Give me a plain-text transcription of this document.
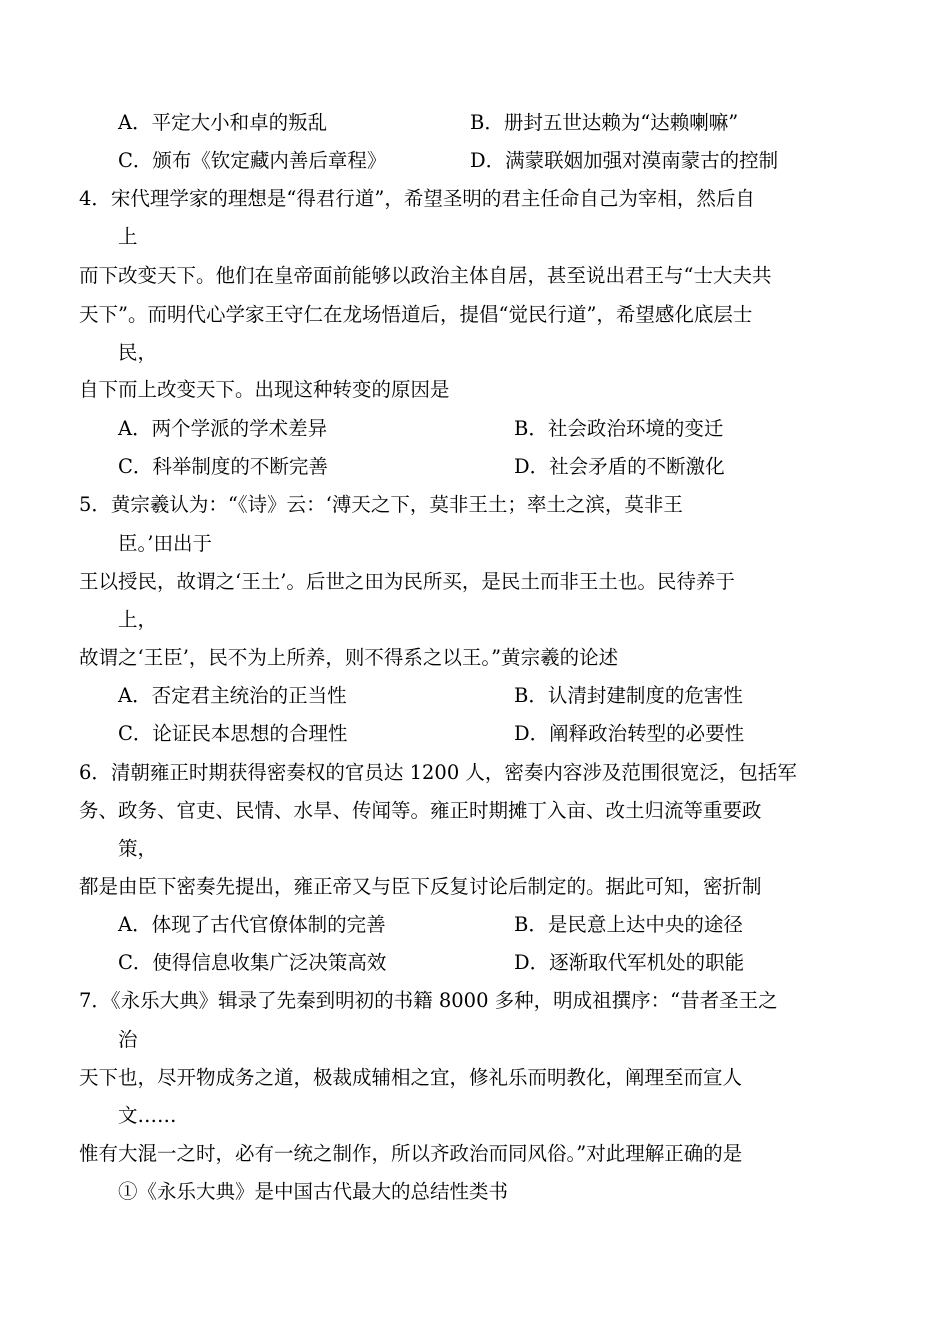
A．平定大小和卓的叛乱	B．册封五世达赖为“达赖喇嘛”
C．颁布《钦定藏内善后章程》	D．满蒙联姻加强对漠南蒙古的控制
4．宋代理学家的理想是“得君行道”，希望圣明的君主任命自己为宰相，然后自
上
而下改变天下。他们在皇帝面前能够以政治主体自居，甚至说出君王与“士大夫共
天下”。而明代心学家王守仁在龙场悟道后，提倡“觉民行道”，希望感化底层士
民，
自下而上改变天下。出现这种转变的原因是
A．两个学派的学术差异	B．社会政治环境的变迁
C．科举制度的不断完善	D．社会矛盾的不断激化
5．黄宗羲认为：“《诗》云：‘溥天之下，莫非王土；率土之滨，莫非王
臣。’田出于
王以授民，故谓之‘王土’。后世之田为民所买，是民土而非王土也。民待养于
上，
故谓之‘王臣’，民不为上所养，则不得系之以王。”黄宗羲的论述
A．否定君主统治的正当性	B．认清封建制度的危害性
C．论证民本思想的合理性	D．阐释政治转型的必要性
6．清朝雍正时期获得密奏权的官员达 1200 人，密奏内容涉及范围很宽泛，包括军
务、政务、官吏、民情、水旱、传闻等。雍正时期摊丁入亩、改土归流等重要政
策，
都是由臣下密奏先提出，雍正帝又与臣下反复讨论后制定的。据此可知，密折制
A．体现了古代官僚体制的完善	B．是民意上达中央的途径
C．使得信息收集广泛决策高效	D．逐渐取代军机处的职能
7．《永乐大典》辑录了先秦到明初的书籍 8000 多种，明成祖撰序：“昔者圣王之
治
天下也，尽开物成务之道，极裁成辅相之宜，修礼乐而明教化，阐理至而宣人
文……
惟有大混一之时，必有一统之制作，所以齐政治而同风俗。”对此理解正确的是
①《永乐大典》是中国古代最大的总结性类书
